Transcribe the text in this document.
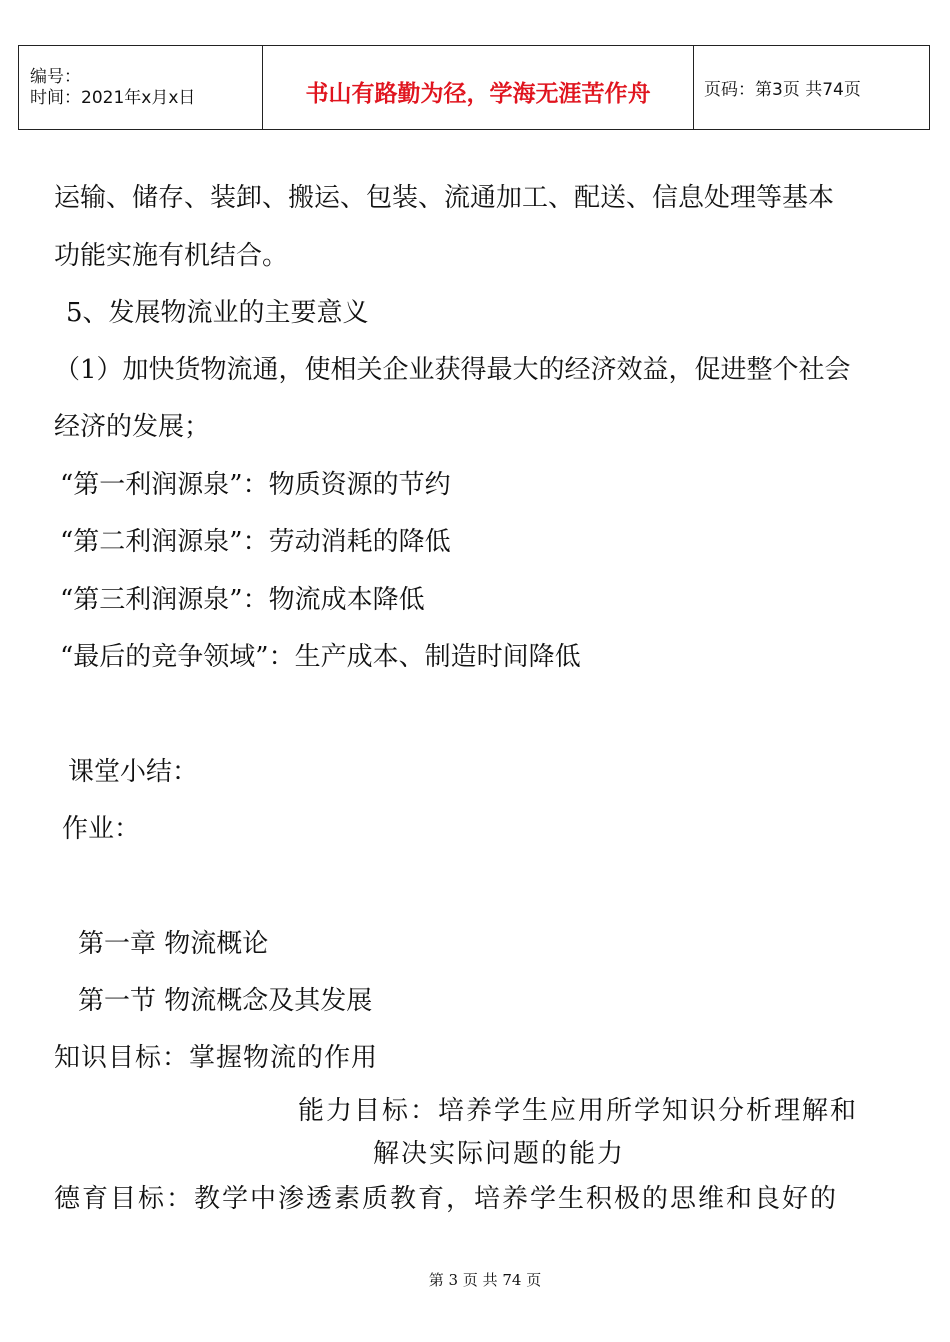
编号：
时间：2021年x月x日	书山有路勤为径，学海无涯苦作舟	页码：第3页 共74页

运输、储存、装卸、搬运、包装、流通加工、配送、信息处理等基本

功能实施有机结合。

5、发展物流业的主要意义

（1）加快货物流通，使相关企业获得最大的经济效益，促进整个社会

经济的发展；

“第一利润源泉”：物质资源的节约

“第二利润源泉”：劳动消耗的降低

“第三利润源泉”：物流成本降低

“最后的竞争领域”：生产成本、制造时间降低

课堂小结：

作业：

第一章 物流概论

第一节 物流概念及其发展

知识目标：掌握物流的作用

能力目标：培养学生应用所学知识分析理解和

解决实际问题的能力

德育目标：教学中渗透素质教育，培养学生积极的思维和良好的

第 3 页 共 74 页
